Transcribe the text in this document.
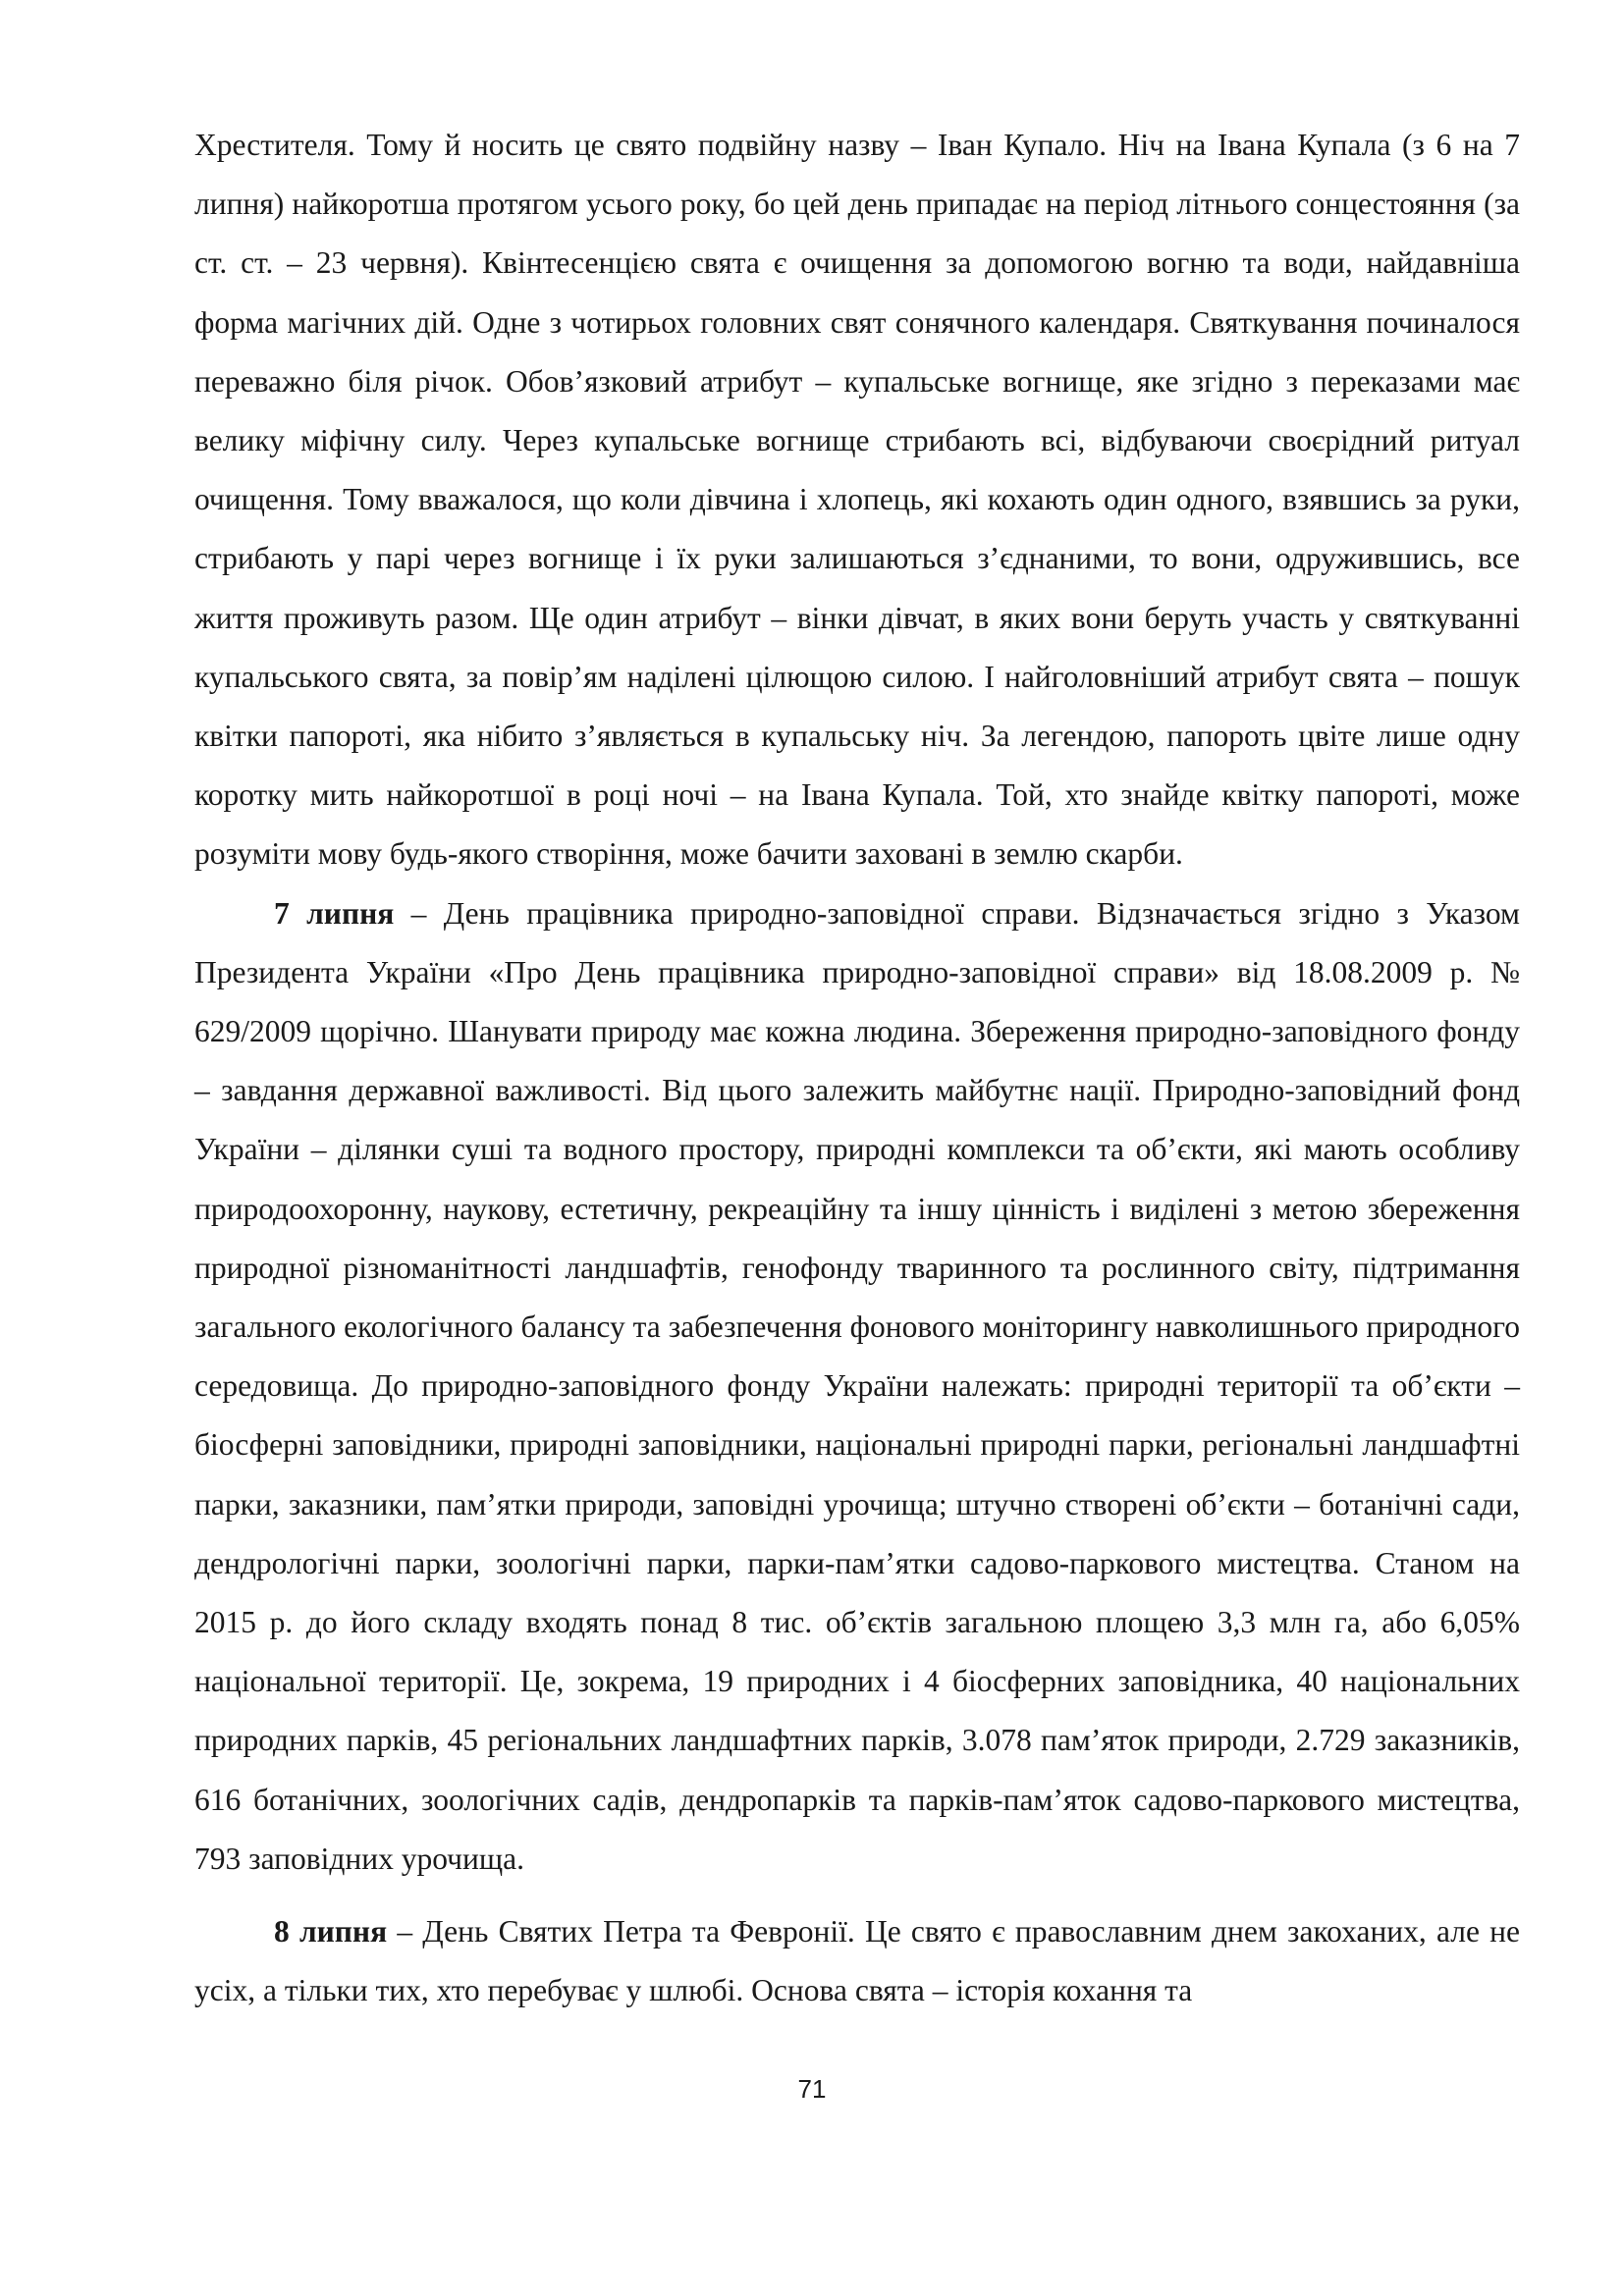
Хрестителя. Тому й носить це свято подвійну назву – Іван Купало. Ніч на Івана Купала (з 6 на 7 липня) найкоротша протягом усього року, бо цей день припадає на період літнього сонцестояння (за ст. ст. – 23 червня). Квінтесенцією свята є очищення за допомогою вогню та води, найдавніша форма магічних дій. Одне з чотирьох головних свят сонячного календаря. Святкування починалося переважно біля річок. Обов’язковий атрибут – купальське вогнище, яке згідно з переказами має велику міфічну силу. Через купальське вогнище стрибають всі, відбуваючи своєрідний ритуал очищення. Тому вважалося, що коли дівчина і хлопець, які кохають один одного, взявшись за руки, стрибають у парі через вогнище і їх руки залишаються з’єднаними, то вони, одружившись, все життя проживуть разом. Ще один атрибут – вінки дівчат, в яких вони беруть участь у святкуванні купальського свята, за повір’ям наділені цілющою силою. І найголовніший атрибут свята – пошук квітки папороті, яка нібито з’являється в купальську ніч. За легендою, папороть цвіте лише одну коротку мить найкоротшої в році ночі – на Івана Купала. Той, хто знайде квітку папороті, може розуміти мову будь-якого створіння, може бачити заховані в землю скарби.

7 липня – День працівника природно-заповідної справи. Відзначається згідно з Указом Президента України «Про День працівника природно-заповідної справи» від 18.08.2009 р. № 629/2009 щорічно. Шанувати природу має кожна людина. Збереження природно-заповідного фонду – завдання державної важливості. Від цього залежить майбутнє нації. Природно-заповідний фонд України – ділянки суші та водного простору, природні комплекси та об’єкти, які мають особливу природоохоронну, наукову, естетичну, рекреаційну та іншу цінність і виділені з метою збереження природної різноманітності ландшафтів, генофонду тваринного та рослинного світу, підтримання загального екологічного балансу та забезпечення фонового моніторингу навколишнього природного середовища. До природно-заповідного фонду України належать: природні території та об’єкти – біосферні заповідники, природні заповідники, національні природні парки, регіональні ландшафтні парки, заказники, пам’ятки природи, заповідні урочища; штучно створені об’єкти – ботанічні сади, дендрологічні парки, зоологічні парки, парки-пам’ятки садово-паркового мистецтва. Станом на 2015 р. до його складу входять понад 8 тис. об’єктів загальною площею 3,3 млн га, або 6,05% національної території. Це, зокрема, 19 природних і 4 біосферних заповідника, 40 національних природних парків, 45 регіональних ландшафтних парків, 3.078 пам’яток природи, 2.729 заказників, 616 ботанічних, зоологічних садів, дендропарків та парків-пам’яток садово-паркового мистецтва, 793 заповідних урочища.

8 липня – День Святих Петра та Февронії. Це свято є православним днем закоханих, але не усіх, а тільки тих, хто перебуває у шлюбі. Основа свята – історія кохання та

71
